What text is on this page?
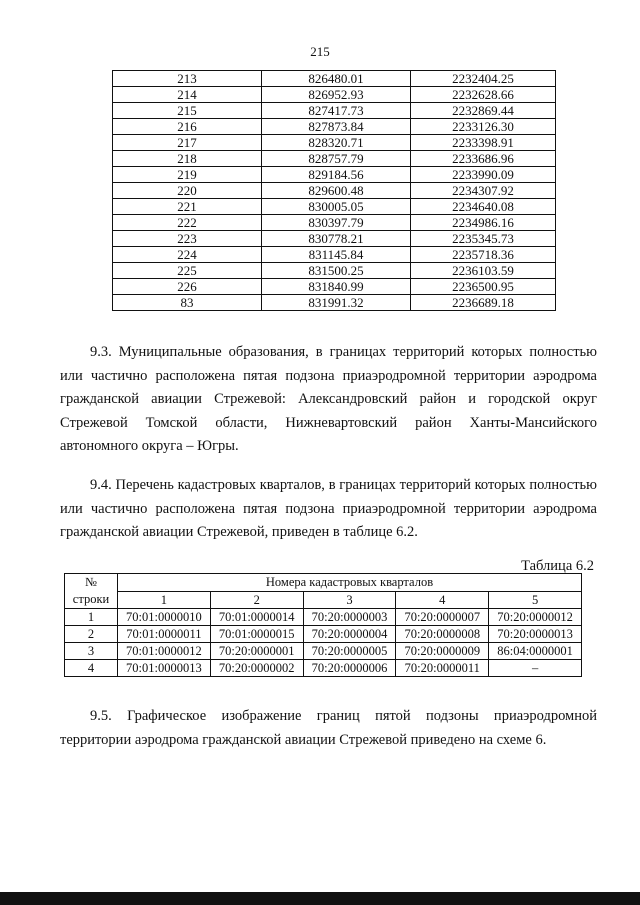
215
213	826480.01	2232404.25
214	826952.93	2232628.66
215	827417.73	2232869.44
216	827873.84	2233126.30
217	828320.71	2233398.91
218	828757.79	2233686.96
219	829184.56	2233990.09
220	829600.48	2234307.92
221	830005.05	2234640.08
222	830397.79	2234986.16
223	830778.21	2235345.73
224	831145.84	2235718.36
225	831500.25	2236103.59
226	831840.99	2236500.95
83	831991.32	2236689.18

9.3. Муниципальные образования, в границах территорий которых полностью или частично расположена пятая подзона приаэродромной территории аэродрома гражданской авиации Стрежевой: Александровский район и городской округ Стрежевой Томской области, Нижневартовский район Ханты-Мансийского автономного округа – Югры.

9.4. Перечень кадастровых кварталов, в границах территорий которых полностью или частично расположена пятая подзона приаэродромной территории аэродрома гражданской авиации Стрежевой, приведен в таблице 6.2.

Таблица 6.2
№ строки	Номера кадастровых кварталов				
	1	2	3	4	5
1	70:01:0000010	70:01:0000014	70:20:0000003	70:20:0000007	70:20:0000012
2	70:01:0000011	70:01:0000015	70:20:0000004	70:20:0000008	70:20:0000013
3	70:01:0000012	70:20:0000001	70:20:0000005	70:20:0000009	86:04:0000001
4	70:01:0000013	70:20:0000002	70:20:0000006	70:20:0000011	–

9.5. Графическое изображение границ пятой подзоны приаэродромной территории аэродрома гражданской авиации Стрежевой приведено на схеме 6.
